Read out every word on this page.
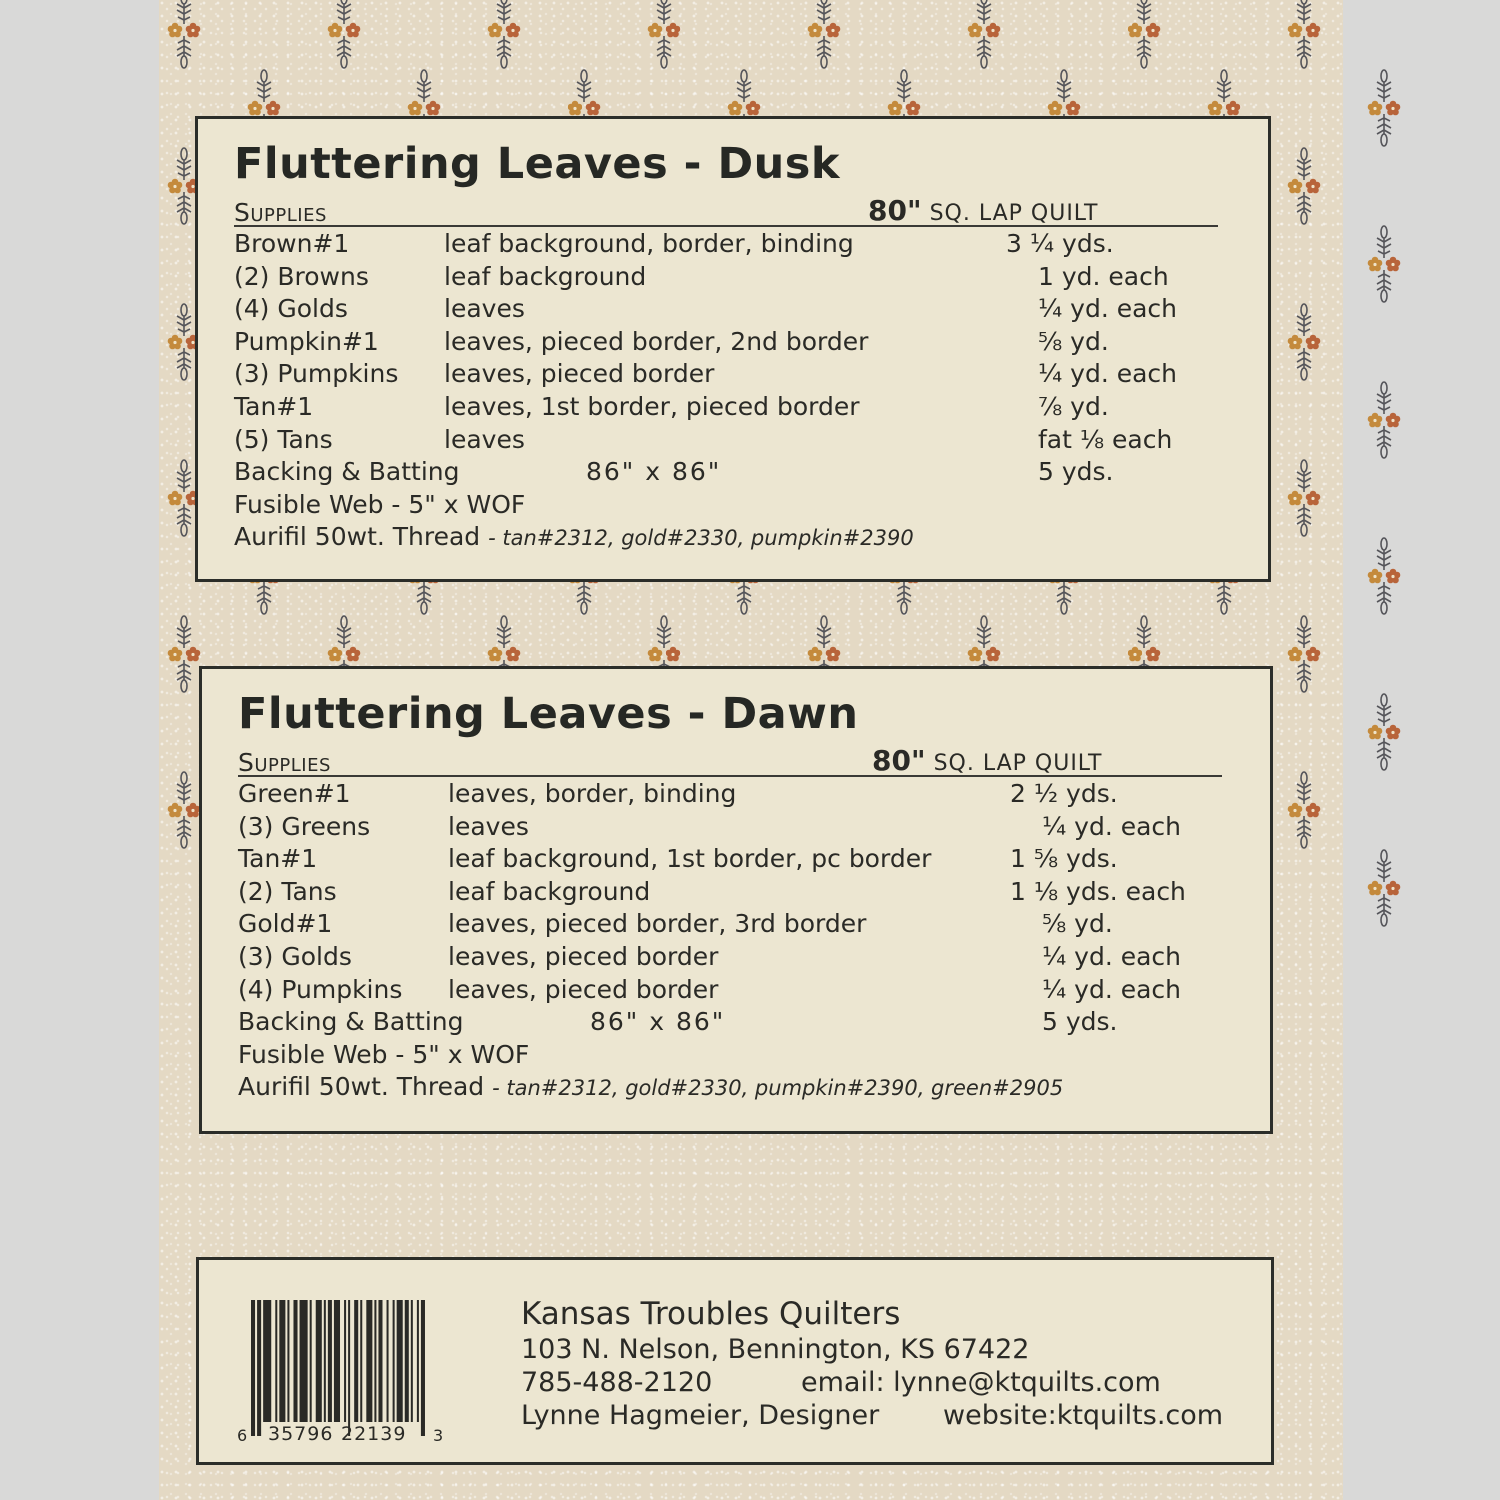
Fluttering Leaves - Dusk
Supplies	80" SQ. LAP QUILT
Brown#1	leaf background, border, binding	3 ¼ yds.
(2) Browns	leaf background	1 yd. each
(4) Golds	leaves	¼ yd. each
Pumpkin#1	leaves, pieced border, 2nd border	⅝ yd.
(3) Pumpkins leaves, pieced border	¼ yd. each
Tan#1	leaves, 1st border, pieced border	⅞ yd.
(5) Tans	leaves	fat ⅛ each
Backing & Batting	86" x 86"	5 yds.
Fusible Web - 5" x WOF
Aurifil 50wt. Thread - tan#2312, gold#2330, pumpkin#2390
Fluttering Leaves - Dawn
Supplies	80" SQ. LAP QUILT
Green#1	leaves, border, binding	2 ½ yds.
(3) Greens	leaves	¼ yd. each
Tan#1	leaf background, 1st border, pc border	1 ⅝ yds.
(2) Tans	leaf background	1 ⅛ yds. each
Gold#1	leaves, pieced border, 3rd border	⅝ yd.
(3) Golds	leaves, pieced border	¼ yd. each
(4) Pumpkins leaves, pieced border	¼ yd. each
Backing & Batting	86" x 86"	5 yds.
Fusible Web - 5" x WOF
Aurifil 50wt. Thread - tan#2312, gold#2330, pumpkin#2390, green#2905
6 35796 22139 3
Kansas Troubles Quilters
103 N. Nelson, Bennington, KS 67422
785-488-2120	email: lynne@ktquilts.com
Lynne Hagmeier, Designer website:ktquilts.com
